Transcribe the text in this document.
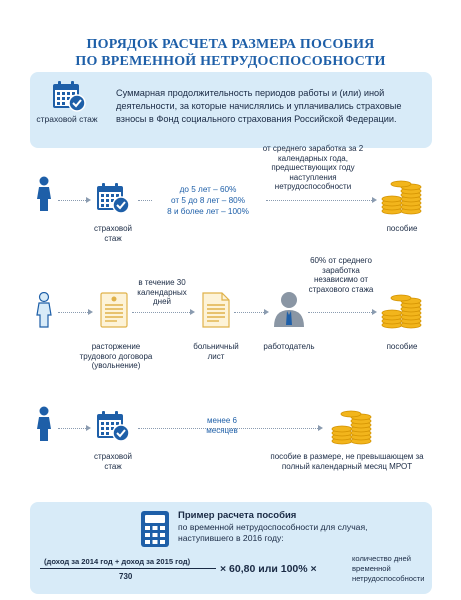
ПОРЯДОК РАСЧЕТА РАЗМЕРА ПОСОБИЯ
ПО ВРЕМЕННОЙ НЕТРУДОСПОСОБНОСТИ
страховой стаж
Суммарная продолжительность периодов работы и (или) иной деятельности, за которые начислялись и уплачивались страховые взносы в Фонд социального страхования Российской Федерации.
страховой стаж
до 5 лет – 60%
от 5 до 8 лет – 80%
8 и более лет – 100%
от среднего заработка за 2 календарных года, предшествующих году наступления нетрудоспособности
пособие
расторжение трудового договора (увольнение)
в течение 30 календарных дней
больничный лист
работодатель
60% от среднего заработка независимо от страхового стажа
пособие
страховой стаж
менее 6 месяцев
пособие в размере, не превышающем за полный календарный месяц МРОТ
Пример расчета пособия
по временной нетрудоспособности для случая, наступившего в 2016 году:
(доход за 2014 год + доход за 2015 год)
730
× 60,80 или 100% ×
количество дней временной нетрудоспособности
